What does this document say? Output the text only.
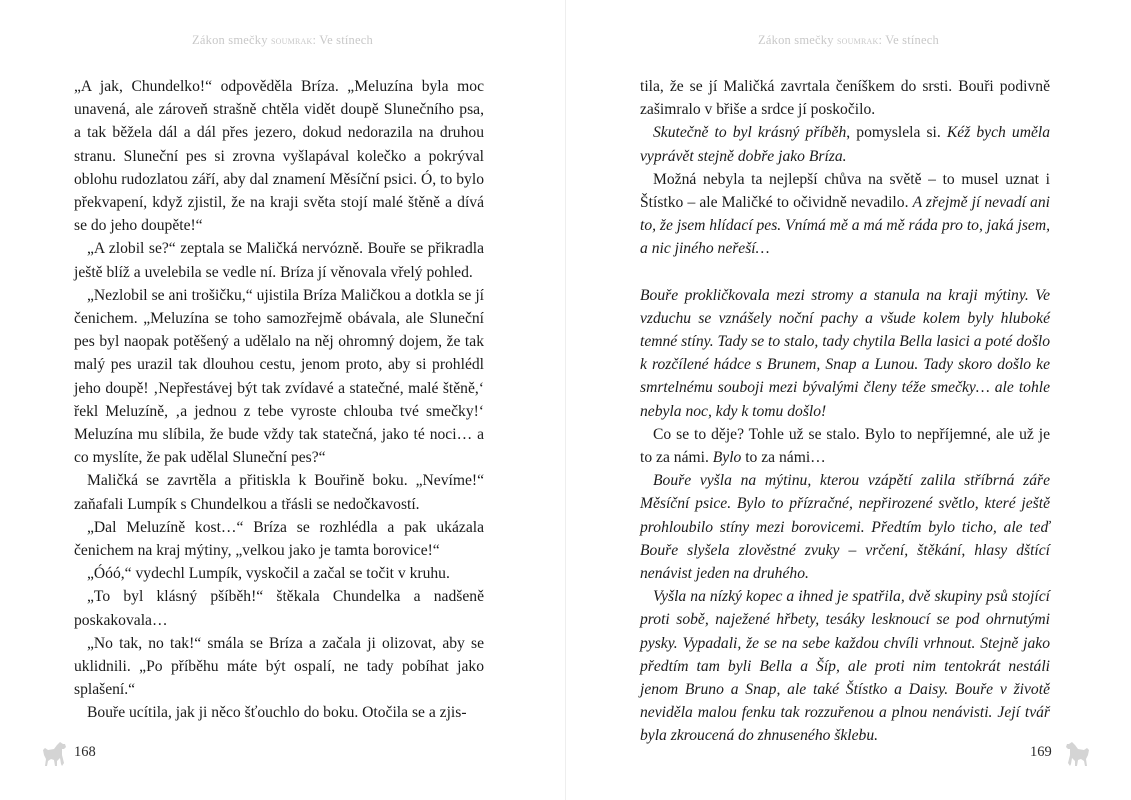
Zákon smečky soumrak: Ve stínech

„A jak, Chundelko!“ odpověděla Bríza. „Meluzína byla moc unavená, ale zároveň strašně chtěla vidět doupě Slunečního psa, a tak běžela dál a dál přes jezero, dokud nedorazila na druhou stranu. Sluneční pes si zrovna vyšlapával kolečko a pokrýval oblohu rudozlatou září, aby dal znamení Měsíční psici. Ó, to bylo překvapení, když zjistil, že na kraji světa stojí malé štěně a dívá se do jeho doupěte!“

„A zlobil se?“ zeptala se Maličká nervózně. Bouře se přikradla ještě blíž a uvelebila se vedle ní. Bríza jí věnovala vřelý pohled.

„Nezlobil se ani trošičku,“ ujistila Bríza Maličkou a dotkla se jí čenichem. „Meluzína se toho samozřejmě obávala, ale Sluneční pes byl naopak potěšený a udělalo na něj ohromný dojem, že tak malý pes urazil tak dlouhou cestu, jenom proto, aby si prohlédl jeho doupě! ‚Nepřestávej být tak zvídavé a statečné, malé štěně,‘ řekl Meluzíně, ‚a jednou z tebe vyroste chlouba tvé smečky!‘ Meluzína mu slíbila, že bude vždy tak statečná, jako té noci… a co myslíte, že pak udělal Sluneční pes?“

Maličká se zavrtěla a přitiskla k Bouřině boku. „Nevíme!“ zaňafali Lumpík s Chundelkou a třásli se nedočkavostí.

„Dal Meluzíně kost…“ Bríza se rozhlédla a pak ukázala čenichem na kraj mýtiny, „velkou jako je tamta borovice!“

„Óóó,“ vydechl Lumpík, vyskočil a začal se točit v kruhu.

„To byl klásný pšíběh!“ štěkala Chundelka a nadšeně poskakovala…

„No tak, no tak!“ smála se Bríza a začala ji olizovat, aby se uklidnili. „Po příběhu máte být ospalí, ne tady pobíhat jako splašení.“

Bouře ucítila, jak ji něco šťouchlo do boku. Otočila se a zjis-

168
Zákon smečky soumrak: Ve stínech

tila, že se jí Maličká zavrtala čeníškem do srsti. Bouři podivně zašimralo v břiše a srdce jí poskočilo.

Skutečně to byl krásný příběh, pomyslela si. Kéž bych uměla vyprávět stejně dobře jako Bríza.

Možná nebyla ta nejlepší chůva na světě – to musel uznat i Štístko – ale Maličké to očividně nevadilo. A zřejmě jí nevadí ani to, že jsem hlídací pes. Vnímá mě a má mě ráda pro to, jaká jsem, a nic jiného neřeší…

Bouře prokličkovala mezi stromy a stanula na kraji mýtiny. Ve vzduchu se vznášely noční pachy a všude kolem byly hluboké temné stíny. Tady se to stalo, tady chytila Bella lasici a poté došlo k rozčílené hádce s Brunem, Snap a Lunou. Tady skoro došlo ke smrtelnému souboji mezi bývalými členy téže smečky… ale tohle nebyla noc, kdy k tomu došlo!

Co se to děje? Tohle už se stalo. Bylo to nepříjemné, ale už je to za námi. Bylo to za námi…

Bouře vyšla na mýtinu, kterou vzápětí zalila stříbrná záře Měsíční psice. Bylo to přízračné, nepřirozené světlo, které ještě prohloubilo stíny mezi borovicemi. Předtím bylo ticho, ale teď Bouře slyšela zlověstné zvuky – vrčení, štěkání, hlasy dštící nenávist jeden na druhého.

Vyšla na nízký kopec a ihned je spatřila, dvě skupiny psů stojící proti sobě, naježené hřbety, tesáky lesknoucí se pod ohrnutými pysky. Vypadali, že se na sebe každou chvíli vrhnout. Stejně jako předtím tam byli Bella a Šíp, ale proti nim tentokrát nestáli jenom Bruno a Snap, ale také Štístko a Daisy. Bouře v životě neviděla malou fenku tak rozzuřenou a plnou nenávisti. Její tvář byla zkroucená do zhnuseného šklebu.

169
